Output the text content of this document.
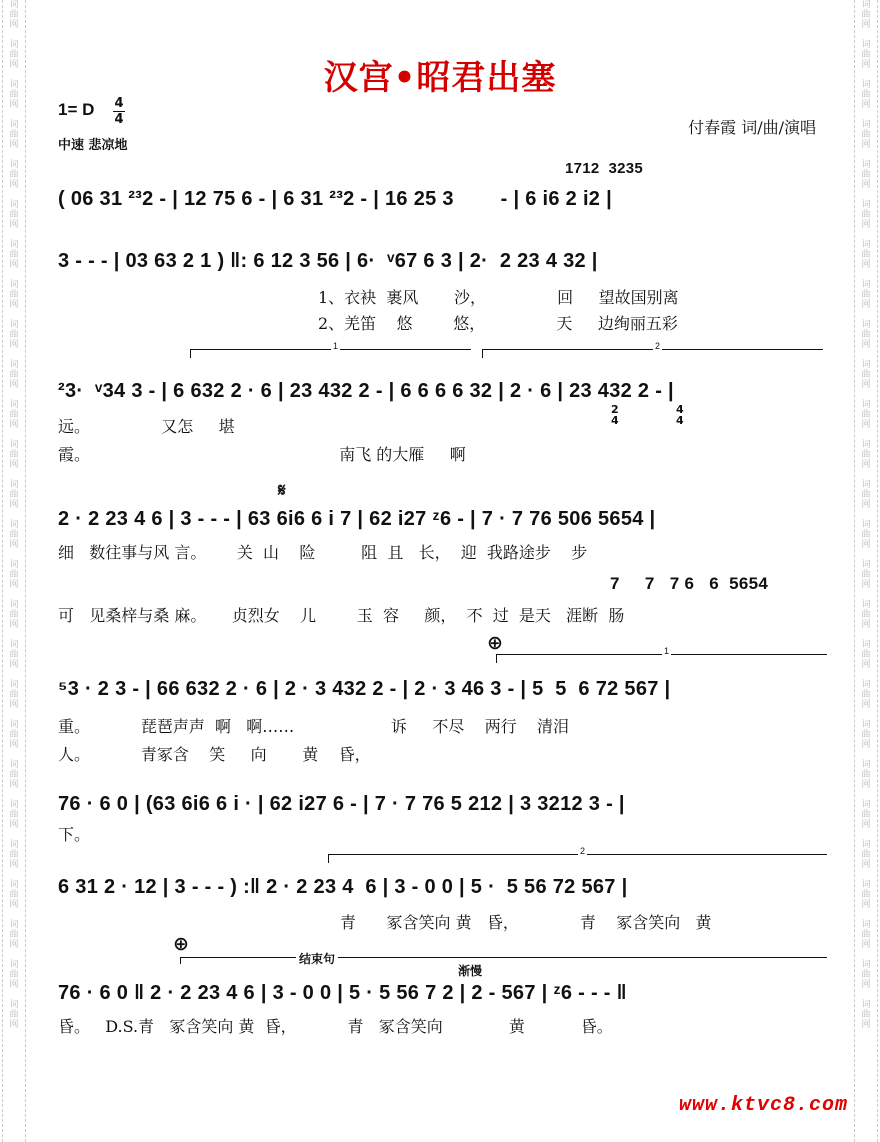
词
曲
网

词
曲
网

词
曲
网

词
曲
网

词
曲
网

词
曲
网

词
曲
网

词
曲
网

词
曲
网

词
曲
网

词
曲
网

词
曲
网

词
曲
网

词
曲
网

词
曲
网

词
曲
网

词
曲
网

词
曲
网

词
曲
网

词
曲
网

词
曲
网

词
曲
网

词
曲
网

词
曲
网

词
曲
网

词
曲
网
词
曲
网

词
曲
网

词
曲
网

词
曲
网

词
曲
网

词
曲
网

词
曲
网

词
曲
网

词
曲
网

词
曲
网

词
曲
网

词
曲
网

词
曲
网

词
曲
网

词
曲
网

词
曲
网

词
曲
网

词
曲
网

词
曲
网

词
曲
网

词
曲
网

词
曲
网

词
曲
网

词
曲
网

词
曲
网

词
曲
网
汉宫•昭君出塞
1= D 4
4
中速 悲凉地
付春霞 词/曲/演唱
1712  3235
( 06 31 ²³2 - | 12 75 6 - | 6 31 ²³2 - | 16 25 3        - | 6 i6 2 i2 |
3 - - - | 03 63 2 1 ) ‖: 6 12 3 56 | 6·  ᵛ67 6 3 | 2·  2 23 4 32 |
1、衣袂  裹风       沙，              回     望故国别离
2、羌笛    悠        悠，              天     边绚丽五彩
1	2
²3·  ᵛ34 3 - | 6 632 2 · 6 | 23 432 2 - | 6 6 6 6 32 | 2 · 6 | 23 432 2 - |
2
4
4
4
远。              又怎     堪
霞。                                                 南飞 的大雁     啊
𝄋
2 · 2 23 4 6 | 3 - - - | 63 6i6 6 i 7 | 62 i27 ᶻ6 - | 7 · 7 76 506 5654 |
细   数往事与风 言。      关  山    险         阻  且   长，  迎  我路途步    步
7     7   7 6   6  5654
可   见桑梓与桑 麻。     贞烈女    儿        玉  容     颜，  不  过  是天   涯断  肠
⊕	1
⁵3 · 2 3 - | 66 632 2 · 6 | 2 · 3 432 2 - | 2 · 3 46 3 - | 5  5  6 72 567 |
重。          琵琶声声  啊   啊……                   诉     不尽    两行    清泪
人。          青冢含    笑     向       黄    昏，
76 · 6 0 | (63 6i6 6 i · | 62 i27 6 - | 7 · 7 76 5 212 | 3 3212 3 - |
下。
2
6 31 2 · 12 | 3 - - - ) :‖ 2 · 2 23 4  6 | 3 - 0 0 | 5 ·  5 56 72 567 |
青      冢含笑向 黄   昏，            青    冢含笑向   黄
⊕
结束句
渐慢
76 · 6 0 ‖ 2 · 2 23 4 6 | 3 - 0 0 | 5 · 5 56 7 2 | 2 - 567 | ᶻ6 - - - ‖
昏。   D.S.青   冢含笑向 黄  昏，          青   冢含笑向             黄           昏。
www.ktvc8.com
